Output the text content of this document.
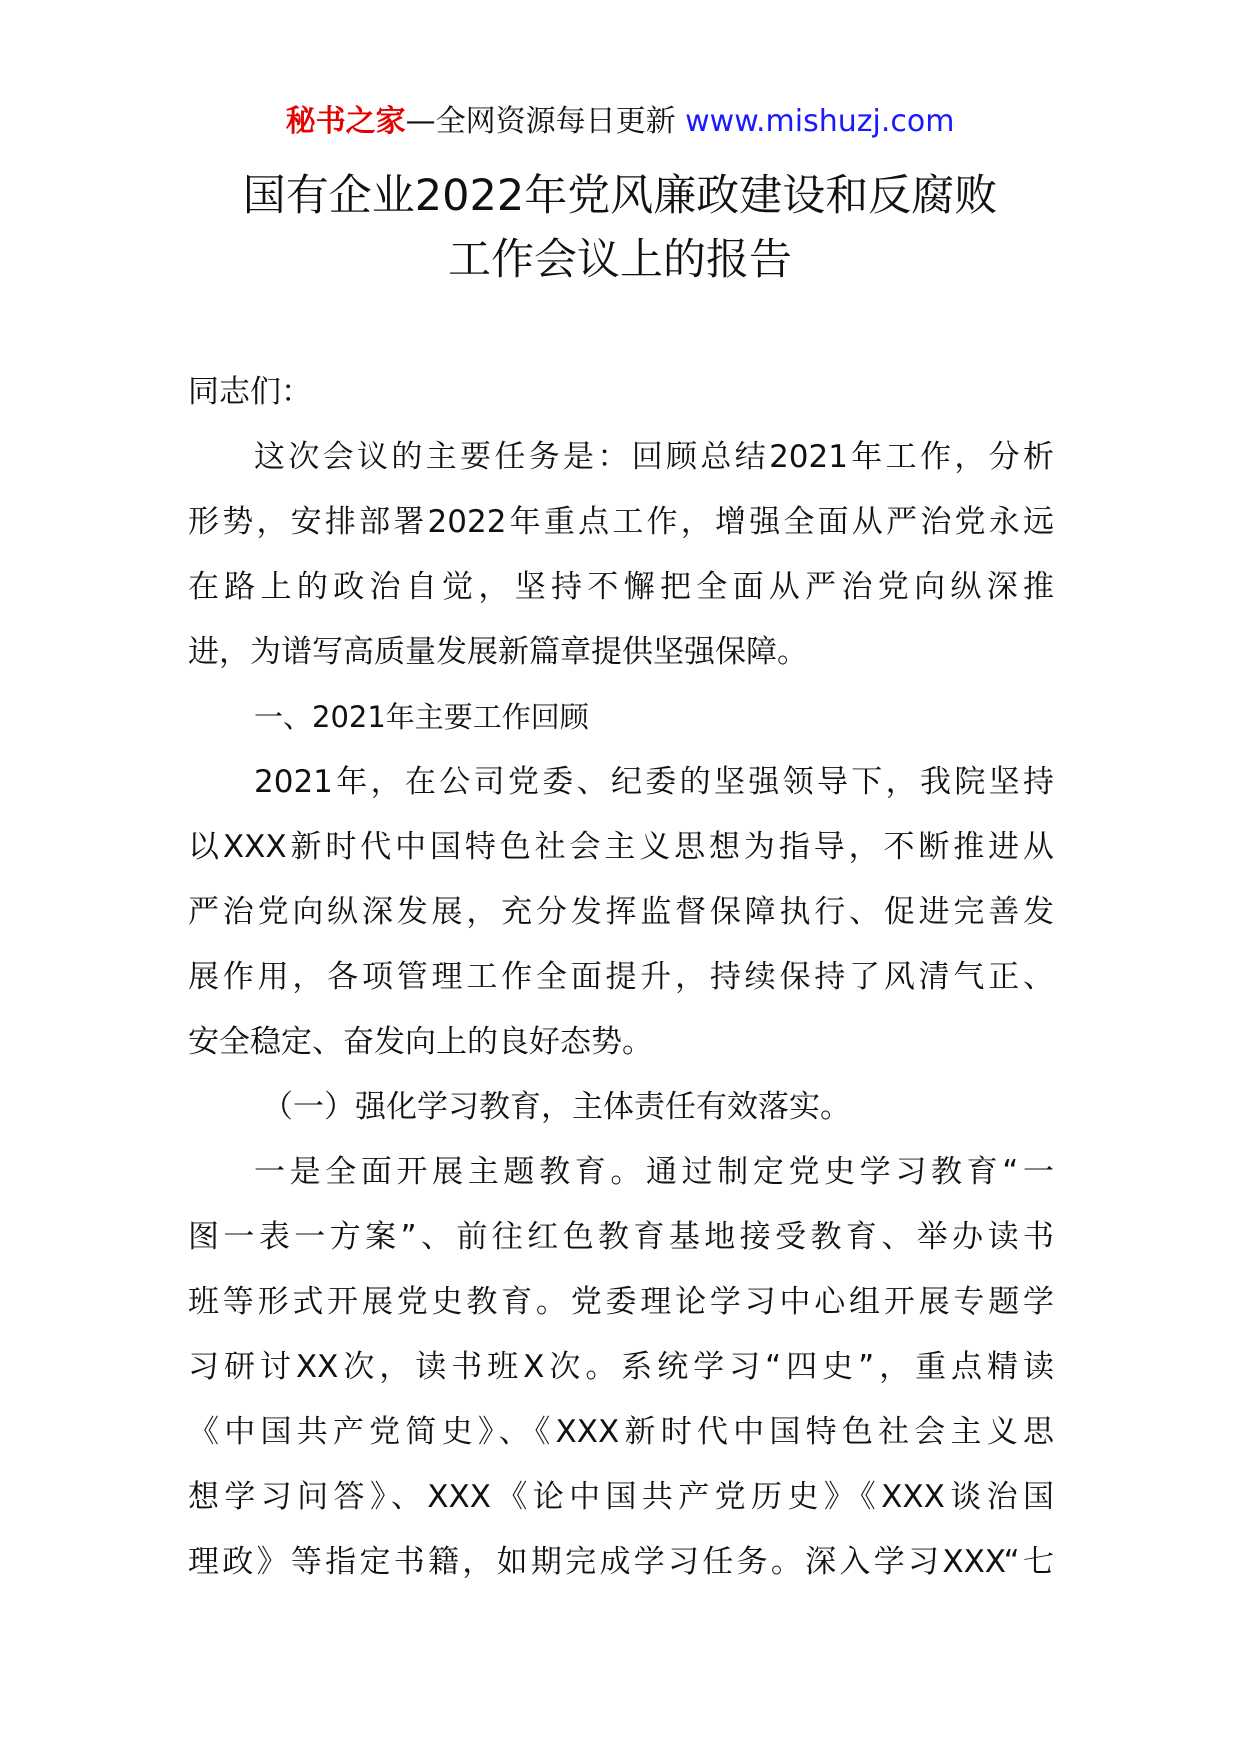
秘书之家—全网资源每日更新 www.mishuzj.com
国有企业2022年党风廉政建设和反腐败
工作会议上的报告
同志们：
这次会议的主要任务是：回顾总结2021年工作，分析
形势，安排部署2022年重点工作，增强全面从严治党永远
在路上的政治自觉，坚持不懈把全面从严治党向纵深推
进，为谱写高质量发展新篇章提供坚强保障。
一、2021年主要工作回顾
2021年，在公司党委、纪委的坚强领导下，我院坚持
以XXX新时代中国特色社会主义思想为指导，不断推进从
严治党向纵深发展，充分发挥监督保障执行、促进完善发
展作用，各项管理工作全面提升，持续保持了风清气正、
安全稳定、奋发向上的良好态势。
（一）强化学习教育，主体责任有效落实。
一是全面开展主题教育。通过制定党史学习教育“一
图一表一方案”、前往红色教育基地接受教育、举办读书
班等形式开展党史教育。党委理论学习中心组开展专题学
习研讨XX次，读书班X次。系统学习“四史”，重点精读
《中国共产党简史》、《XXX新时代中国特色社会主义思
想学习问答》、XXX《论中国共产党历史》《XXX谈治国
理政》等指定书籍，如期完成学习任务。深入学习XXX“七
